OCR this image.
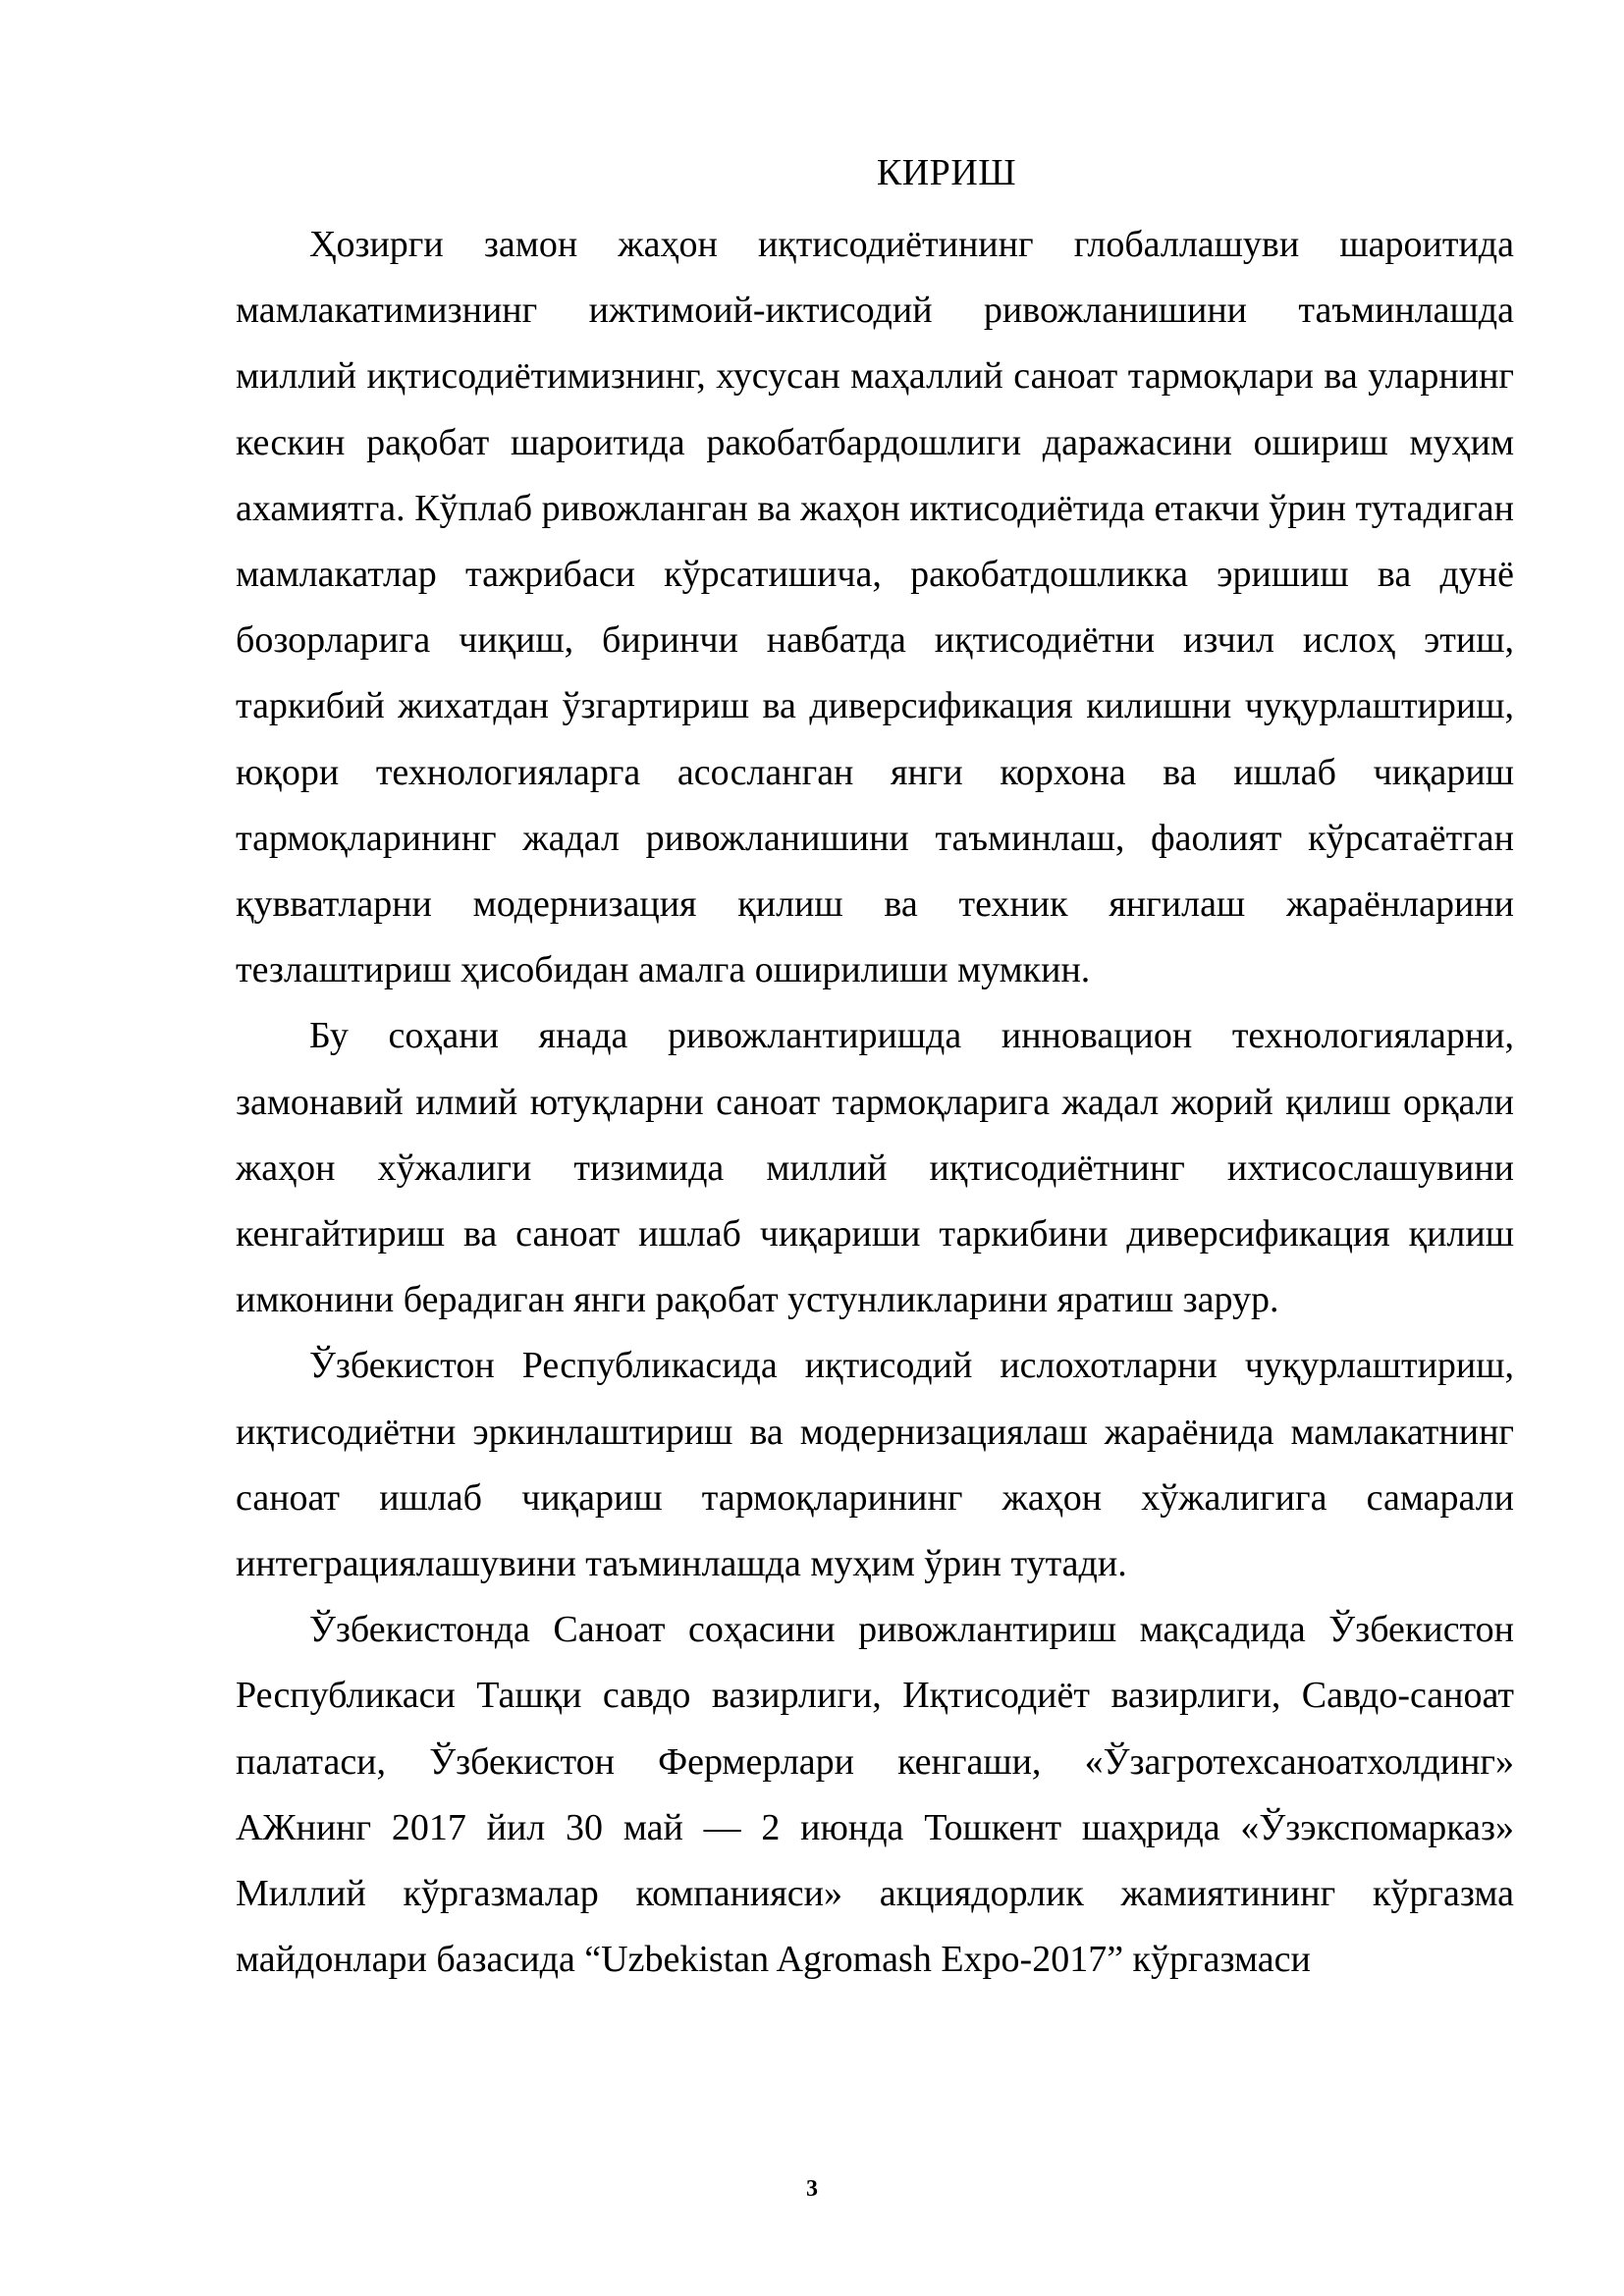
КИРИШ

Ҳозирги замон жаҳон иқтисодиётининг глобаллашуви шароитида мамлакатимизнинг ижтимоий-иктисодий ривожланишини таъминлашда миллий иқтисодиётимизнинг, хусусан маҳаллий саноат тармоқлари ва уларнинг кескин рақобат шароитида ракобатбардошлиги даражасини ошириш муҳим ахамиятга. Кўплаб ривожланган ва жаҳон иктисодиётида етакчи ўрин тутадиган мамлакатлар тажрибаси кўрсатишича, ракобатдошликка эришиш ва дунё бозорларига чиқиш, биринчи навбатда иқтисодиётни изчил ислоҳ этиш, таркибий жихатдан ўзгартириш ва диверсификация килишни чуқурлаштириш, юқори технологияларга асосланган янги корхона ва ишлаб чиқариш тармоқларининг жадал ривожланишини таъминлаш, фаолият кўрсатаётган қувватларни модернизация қилиш ва техник янгилаш жараёнларини тезлаштириш ҳисобидан амалга оширилиши мумкин.

Бу соҳани янада ривожлантиришда инновацион технологияларни, замонавий илмий ютуқларни саноат тармоқларига жадал жорий қилиш орқали жаҳон хўжалиги тизимида миллий иқтисодиётнинг ихтисослашувини кенгайтириш ва саноат ишлаб чиқариши таркибини диверсификация қилиш имконини берадиган янги рақобат устунликларини яратиш зарур.

Ўзбекистон Республикасида иқтисодий ислохотларни чуқурлаштириш, иқтисодиётни эркинлаштириш ва модернизациялаш жараёнида мамлакатнинг саноат ишлаб чиқариш тармоқларининг жаҳон хўжалигига самарали интеграциялашувини таъминлашда муҳим ўрин тутади.

Ўзбекистонда Саноат соҳасини ривожлантириш мақсадида Ўзбекистон Республикаси Ташқи савдо вазирлиги, Иқтисодиёт вазирлиги, Савдо-саноат палатаси, Ўзбекистон Фермерлари кенгаши, «Ўзагротехсаноатхолдинг» АЖнинг 2017 йил 30 май — 2 июнда Тошкент шаҳрида «Ўзэкспомарказ» Миллий кўргазмалар компанияси» акциядорлик жамиятининг кўргазма майдонлари базасида “Uzbekistan Agromash Expo-2017” кўргазмаси

3
